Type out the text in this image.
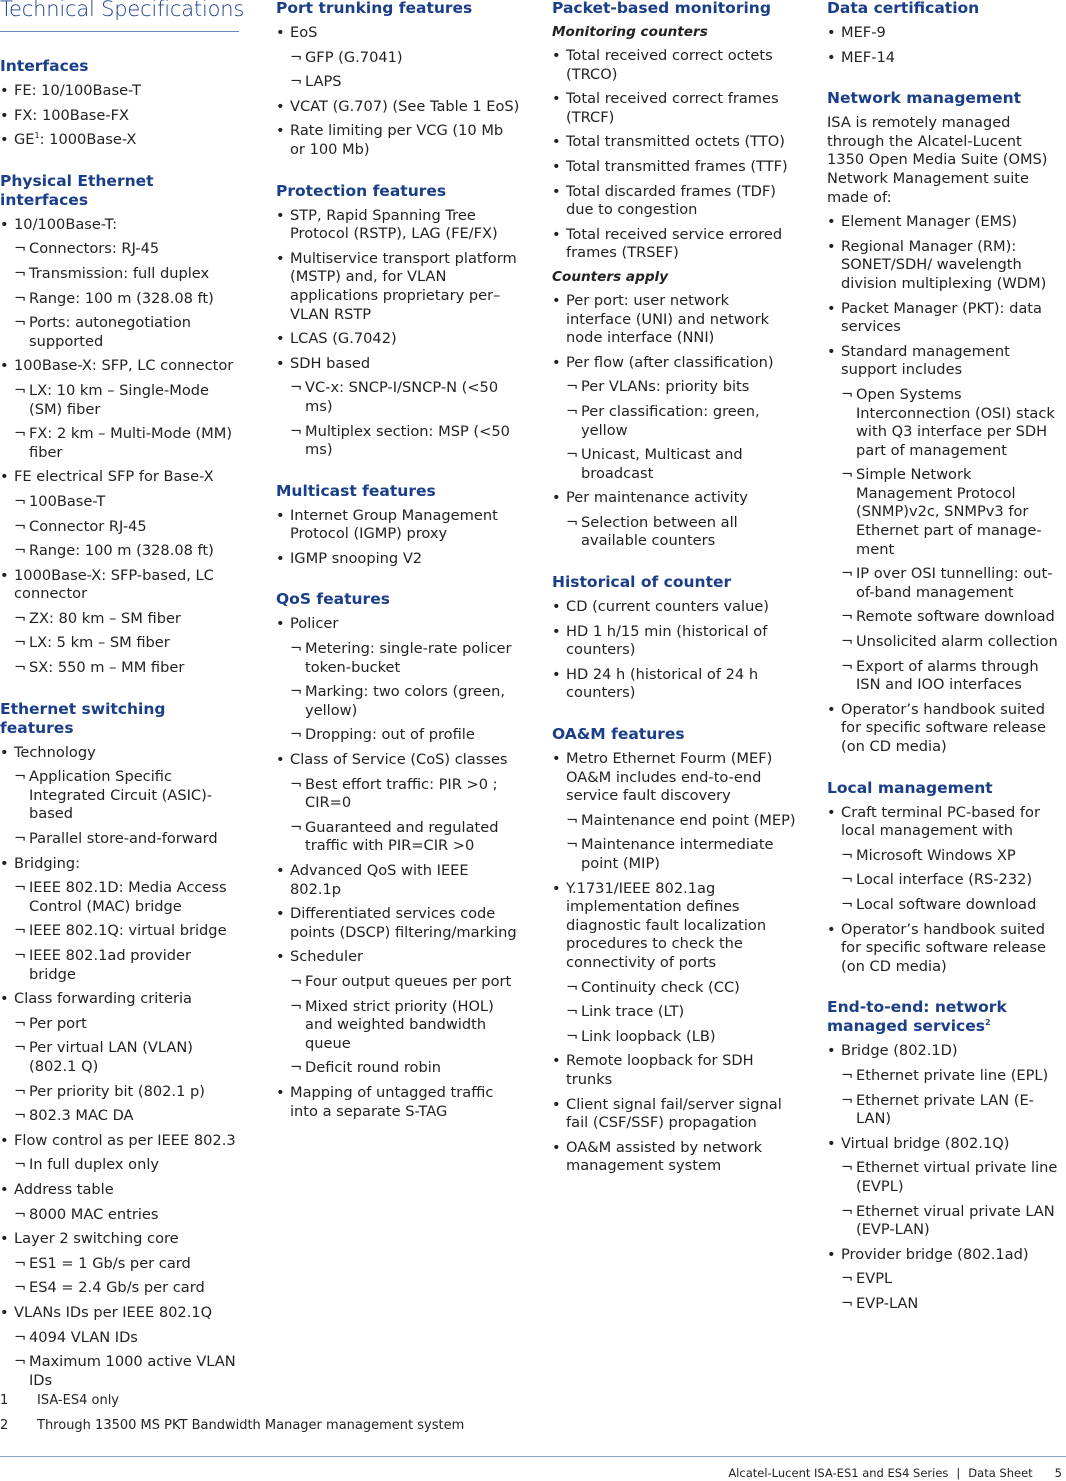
Technical Specifications
Interfaces
• FE: 10/100Base-T
• FX: 100Base-FX
• $GE^1$: 1000Base-X
Physical Ethernet interfaces
• 10/100Base-T:
¬ Connectors: RJ-45
¬ Transmission: full duplex
¬ Range: 100 m (328.08 ft)
¬ Ports: autonegotiation supported
• 100Base-X: SFP, LC connector
¬ LX: 10 km – Single-Mode (SM) fiber
¬ FX: 2 km – Multi-Mode (MM) fiber
• FE electrical SFP for Base-X
¬ 100Base-T
¬ Connector RJ-45
¬ Range: 100 m (328.08 ft)
• 1000Base-X: SFP-based, LC connector
¬ ZX: 80 km – SM fiber
¬ LX: 5 km – SM fiber
¬ SX: 550 m – MM fiber
Ethernet switching features
• Technology
¬ Application Specific Integrated Circuit (ASIC)-based
¬ Parallel store-and-forward
• Bridging:
¬ IEEE 802.1D: Media Access Control (MAC) bridge
¬ IEEE 802.1Q: virtual bridge
¬ IEEE 802.1ad provider bridge
• Class forwarding criteria
¬ Per port
¬ Per virtual LAN (VLAN) (802.1 Q)
¬ Per priority bit (802.1 p)
¬ 802.3 MAC DA
• Flow control as per IEEE 802.3
¬ In full duplex only
• Address table
¬ 8000 MAC entries
• Layer 2 switching core
¬ ES1 = 1 Gb/s per card
¬ ES4 = 2.4 Gb/s per card
• VLANs IDs per IEEE 802.1Q
¬ 4094 VLAN IDs
¬ Maximum 1000 active VLAN IDs
Port trunking features
• EoS
¬ GFP (G.7041)
¬ LAPS
• VCAT (G.707) (See Table 1 EoS)
• Rate limiting per VCG (10 Mb or 100 Mb)
Protection features
• STP, Rapid Spanning Tree Protocol (RSTP), LAG (FE/FX)
• Multiservice transport platform (MSTP) and, for VLAN applications proprietary per–VLAN RSTP
• LCAS (G.7042)
• SDH based
¬ VC-x: SNCP-I/SNCP-N (<50 ms)
¬ Multiplex section: MSP (<50 ms)
Multicast features
• Internet Group Management Protocol (IGMP) proxy
• IGMP snooping V2
QoS features
• Policer
¬ Metering: single-rate policer token-bucket
¬ Marking: two colors (green, yellow)
¬ Dropping: out of profile
• Class of Service (CoS) classes
¬ Best effort traffic: PIR >0 ; CIR=0
¬ Guaranteed and regulated traffic with PIR=CIR >0
• Advanced QoS with IEEE 802.1p
• Differentiated services code points (DSCP) filtering/marking
• Scheduler
¬ Four output queues per port
¬ Mixed strict priority (HOL) and weighted bandwidth queue
¬ Deficit round robin
• Mapping of untagged traffic into a separate S-TAG
Packet-based monitoring
Monitoring counters
• Total received correct octets (TRCO)
• Total received correct frames (TRCF)
• Total transmitted octets (TTO)
• Total transmitted frames (TTF)
• Total discarded frames (TDF) due to congestion
• Total received service errored frames (TRSEF)
Counters apply
• Per port: user network interface (UNI) and network node interface (NNI)
• Per flow (after classification)
¬ Per VLANs: priority bits
¬ Per classification: green, yellow
¬ Unicast, Multicast and broadcast
• Per maintenance activity
¬ Selection between all available counters
Historical of counter
• CD (current counters value)
• HD 1 h/15 min (historical of counters)
• HD 24 h (historical of 24 h counters)
OA&M features
• Metro Ethernet Fourm (MEF) OA&M includes end-to-end service fault discovery
¬ Maintenance end point (MEP)
¬ Maintenance intermediate point (MIP)
• Y.1731/IEEE 802.1ag implementation defines diagnostic fault localization procedures to check the connectivity of ports
¬ Continuity check (CC)
¬ Link trace (LT)
¬ Link loopback (LB)
• Remote loopback for SDH trunks
• Client signal fail/server signal fail (CSF/SSF) propagation
• OA&M assisted by network management system
Data certification
• MEF-9
• MEF-14
Network management
ISA is remotely managed through the Alcatel-Lucent 1350 Open Media Suite (OMS) Network Management suite made of:
• Element Manager (EMS)
• Regional Manager (RM): SONET/SDH/ wavelength division multiplexing (WDM)
• Packet Manager (PKT): data services
• Standard management support includes
¬ Open Systems Interconnection (OSI) stack with Q3 interface per SDH part of management
¬ Simple Network Management Protocol (SNMP)v2c, SNMPv3 for Ethernet part of manage-ment
¬ IP over OSI tunnelling: out-of-band management
¬ Remote software download
¬ Unsolicited alarm collection
¬ Export of alarms through ISN and IOO interfaces
• Operator’s handbook suited for specific software release (on CD media)
Local management
• Craft terminal PC-based for local management with
¬ Microsoft Windows XP
¬ Local interface (RS-232)
¬ Local software download
• Operator’s handbook suited for specific software release (on CD media)
End-to-end: network managed services$^2$
• Bridge (802.1D)
¬ Ethernet private line (EPL)
¬ Ethernet private LAN (E-LAN)
• Virtual bridge (802.1Q)
¬ Ethernet virtual private line (EVPL)
¬ Ethernet virual private LAN (EVP-LAN)
• Provider bridge (802.1ad)
¬ EVPL
¬ EVP-LAN
1 ISA-ES4 only
2 Through 13500 MS PKT Bandwidth Manager management system
Alcatel-Lucent ISA-ES1 and ES4 Series | Data Sheet 5
